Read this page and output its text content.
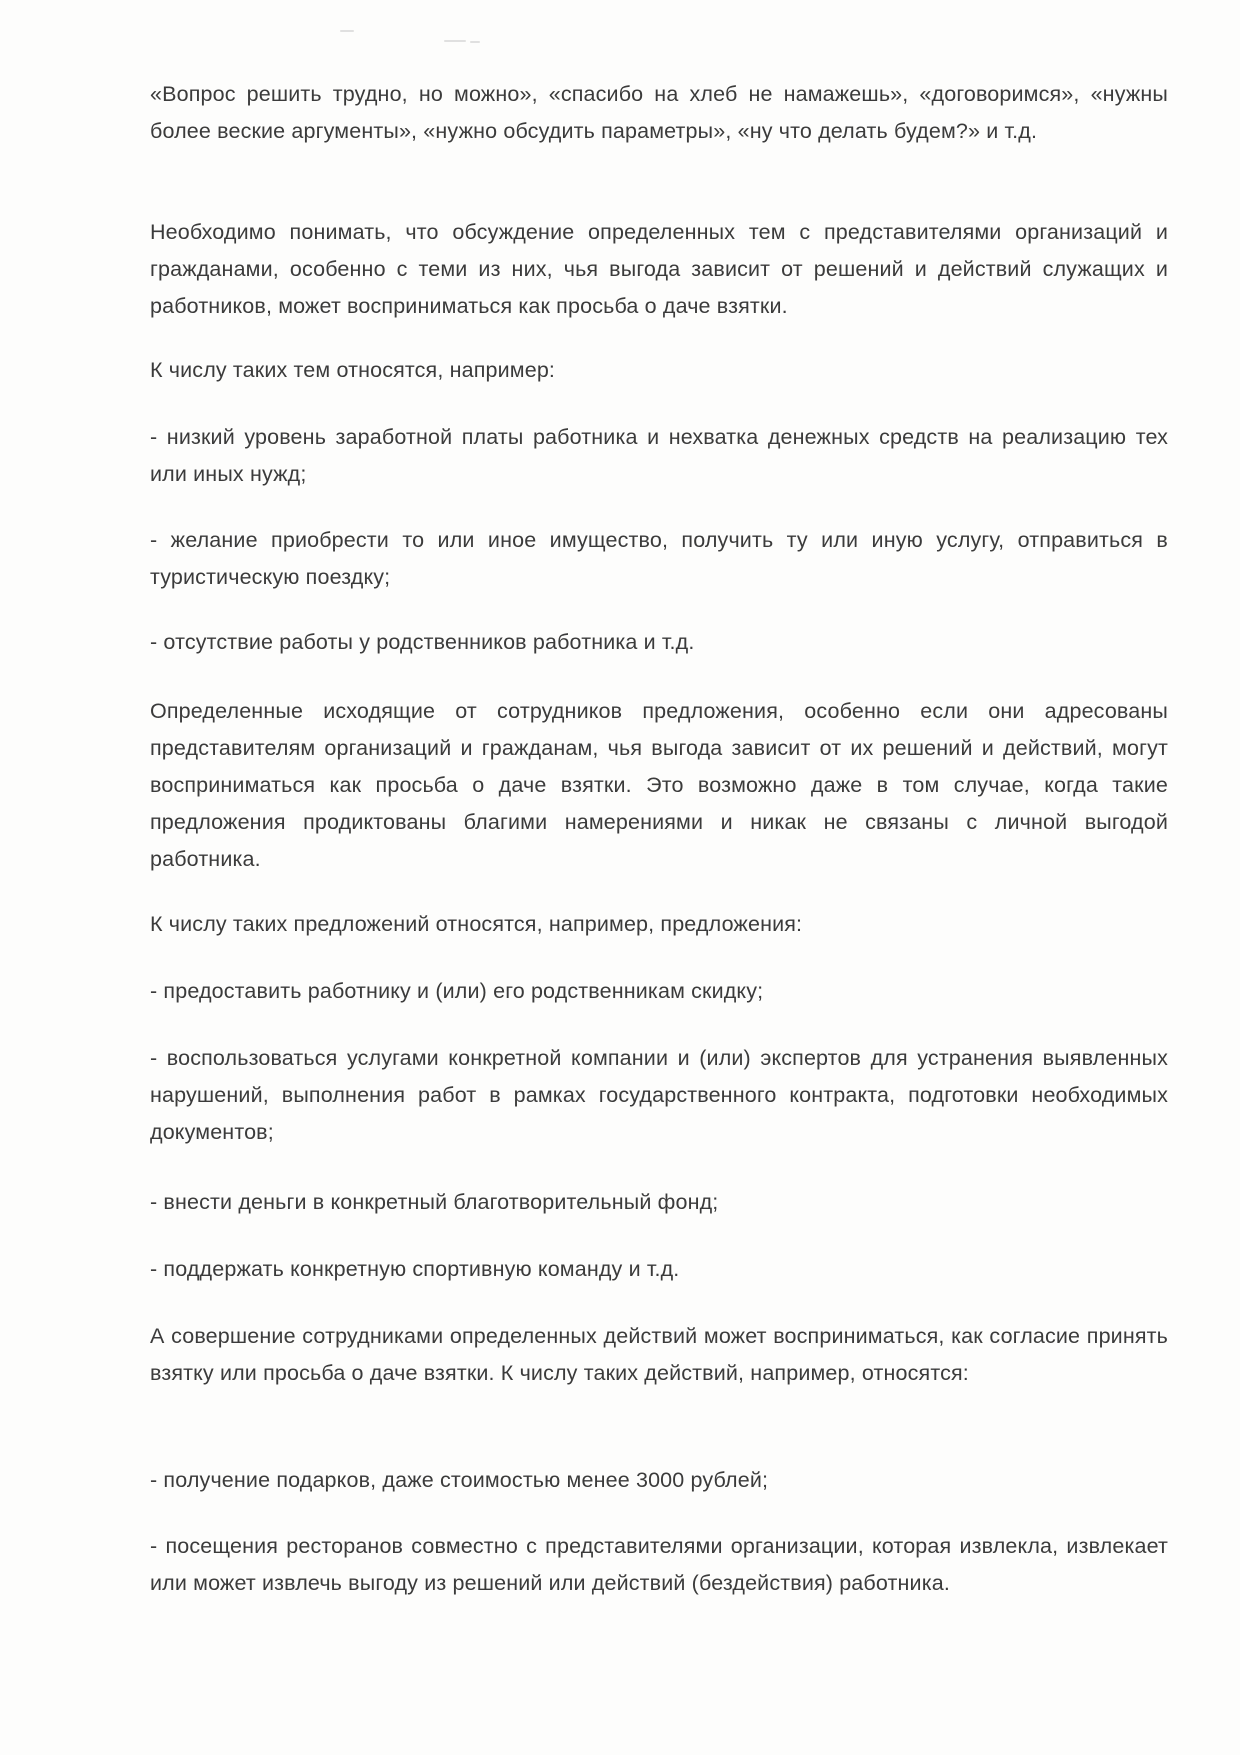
«Вопрос решить трудно, но можно», «спасибо на хлеб не намажешь», «договоримся», «нужны более веские аргументы», «нужно обсудить параметры», «ну что делать будем?» и т.д.

Необходимо понимать, что обсуждение определенных тем с представителями организаций и гражданами, особенно с теми из них, чья выгода зависит от решений и действий служащих и работников, может восприниматься как просьба о даче взятки.

К числу таких тем относятся, например:

- низкий уровень заработной платы работника и нехватка денежных средств на реализацию тех или иных нужд;

- желание приобрести то или иное имущество, получить ту или иную услугу, отправиться в туристическую поездку;

- отсутствие работы у родственников работника и т.д.

Определенные исходящие от сотрудников предложения, особенно если они адресованы представителям организаций и гражданам, чья выгода зависит от их решений и действий, могут восприниматься как просьба о даче взятки. Это возможно даже в том случае, когда такие предложения продиктованы благими намерениями и никак не связаны с личной выгодой работника.

К числу таких предложений относятся, например, предложения:

- предоставить работнику и (или) его родственникам скидку;

- воспользоваться услугами конкретной компании и (или) экспертов для устранения выявленных нарушений, выполнения работ в рамках государственного контракта, подготовки необходимых документов;

- внести деньги в конкретный благотворительный фонд;

- поддержать конкретную спортивную команду и т.д.

А совершение сотрудниками определенных действий может восприниматься, как согласие принять взятку или просьба о даче взятки. К числу таких действий, например, относятся:

- получение подарков, даже стоимостью менее 3000 рублей;

- посещения ресторанов совместно с представителями организации, которая извлекла, извлекает или может извлечь выгоду из решений или действий (бездействия) работника.
